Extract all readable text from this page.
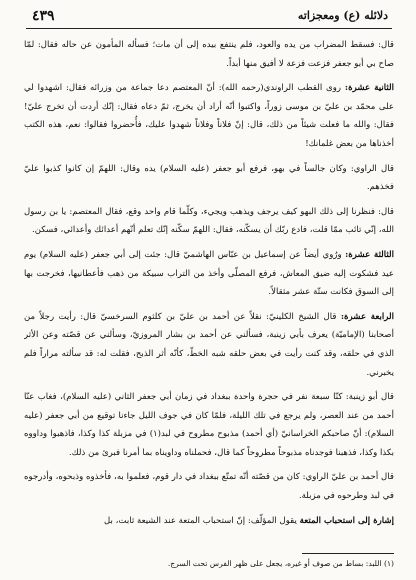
٤٣٩	دلائله (ع) ومعجزاته

قال: فسقط المضراب من يده والعود، فلم ينتفع بيده إلى أن مات؛ فسأله المأمون عن حاله فقال: لمّا صاح بي أبو جعفر فزعت فزعة لا أفيق منها أبداً.

الثانية عشرة: روى القطب الراوندي(رحمه الله): أنّ المعتصم دعا جماعة من وزرائه فقال: اشهدوا لي على محمّد بن عليّ بن موسى زوراً، واكتبوا أنّه أراد أن يخرج، ثمّ دعاه فقال: إنّك أردت أن تخرج عليّ! فقال: والله ما فعلت شيئاً من ذلك، قال: إنّ فلاناً وفلاناً شهدوا عليك، فأُحضروا فقالوا: نعم، هذه الكتب أخذناها من بعض غلمانك!

قال الراوي: وكان جالساً في بهو، فرفع أبو جعفر (عليه السلام) يده وقال: اللهمّ إن كانوا كذبوا عليّ فخذهم.

قال: فنظرنا إلى ذلك البهو كيف يرجف ويذهب ويجيء، وكلّما قام واحد وقع، فقال المعتصم: يا بن رسول الله، إنّي تائب ممّا قلت، فادع ربّك أن يسكّنه، فقال: اللهمّ سكّنه إنّك تعلم أنّهم أعدائك وأعدائي، فسكن.

الثالثة عشرة: ورُوي أيضاً عن إسماعيل بن عبّاس الهاشميّ قال: جئت إلى أبي جعفر (عليه السلام) يوم عيد فشكوت إليه ضيق المعاش، فرفع المصلّى وأخذ من التراب سبيكة من ذهب فأعطانيها، فخرجت بها إلى السوق فكانت ستّة عشر مثقالاً.

الرابعة عشرة: قال الشيخ الكلينيّ: نقلاً عن أحمد بن عليّ بن كلثوم السرخسيّ قال: رأيت رجلاً من أصحابنا (الإماميّة) يعرف بأبي زينبة، فسألني عن أحمد بن بشار المروزيّ، وسألني عن قصّته وعن الأثر الذي في حلقه، وقد كنت رأيت في بعض حلقه شبه الخطّ، كأنّه أثر الذبح، فقلت له: قد سألته مراراً فلم يخبرني.

قال أبو زينبة: كنّا سبعة نفر في حجرة واحدة ببغداد في زمان أبي جعفر الثاني (عليه السلام)، فغاب عنّا أحمد من عند العصر، ولم يرجع في تلك الليلة، فلمّا كان في جوف الليل جاءنا توقيع من أبي جعفر (عليه السلام): أنّ صاحبكم الخراسانيّ (أي أحمد) مذبوح مطروح في لبد(١) في مزبلة كذا وكذا، فاذهبوا وداووه بكذا وكذا، فذهبنا فوجدناه مذبوحاً مطروحاً كما قال، فحملناه وداويناه بما أمرنا فبرئ من ذلك.

قال أحمد بن عليّ الراوي: كان من قصّته أنّه تمتّع ببغداد في دار قوم، فعلموا به، فأخذوه وذبحوه، وأدرجوه في لبد وطرحوه في مزبلة.

إشارة إلى استحباب المتعة يقول المؤلّف: إنّ استحباب المتعة عند الشيعة ثابت، بل

(١) اللبد: بساط من صوف أو غيره، يجعل على ظهر الفرس تحت السرج.
